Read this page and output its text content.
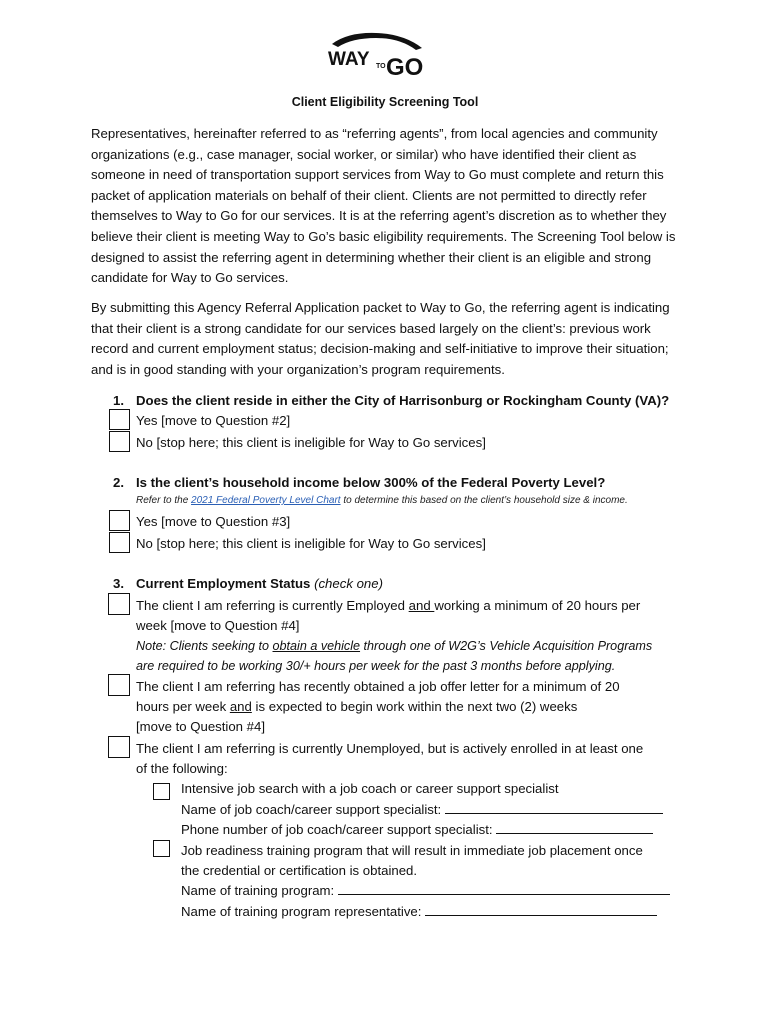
WAY TO GO
Client Eligibility Screening Tool

Representatives, hereinafter referred to as “referring agents”, from local agencies and community organizations (e.g., case manager, social worker, or similar) who have identified their client as someone in need of transportation support services from Way to Go must complete and return this packet of application materials on behalf of their client. Clients are not permitted to directly refer themselves to Way to Go for our services. It is at the referring agent’s discretion as to whether they believe their client is meeting Way to Go’s basic eligibility requirements. The Screening Tool below is designed to assist the referring agent in determining whether their client is an eligible and strong candidate for Way to Go services.

By submitting this Agency Referral Application packet to Way to Go, the referring agent is indicating that their client is a strong candidate for our services based largely on the client’s: previous work record and current employment status; decision-making and self-initiative to improve their situation; and is in good standing with your organization’s program requirements.

1. Does the client reside in either the City of Harrisonburg or Rockingham County (VA)?
Yes [move to Question #2]
No [stop here; this client is ineligible for Way to Go services]
2. Is the client’s household income below 300% of the Federal Poverty Level?
Refer to the 2021 Federal Poverty Level Chart to determine this based on the client’s household size & income.
Yes [move to Question #3]
No [stop here; this client is ineligible for Way to Go services]
3. Current Employment Status (check one)
The client I am referring is currently Employed and working a minimum of 20 hours per
week [move to Question #4]
Note: Clients seeking to obtain a vehicle through one of W2G’s Vehicle Acquisition Programs
are required to be working 30/+ hours per week for the past 3 months before applying.
The client I am referring has recently obtained a job offer letter for a minimum of 20
hours per week and is expected to begin work within the next two (2) weeks
[move to Question #4]
The client I am referring is currently Unemployed, but is actively enrolled in at least one
of the following:
Intensive job search with a job coach or career support specialist
Name of job coach/career support specialist:
Phone number of job coach/career support specialist:
Job readiness training program that will result in immediate job placement once
the credential or certification is obtained.
Name of training program:
Name of training program representative:
